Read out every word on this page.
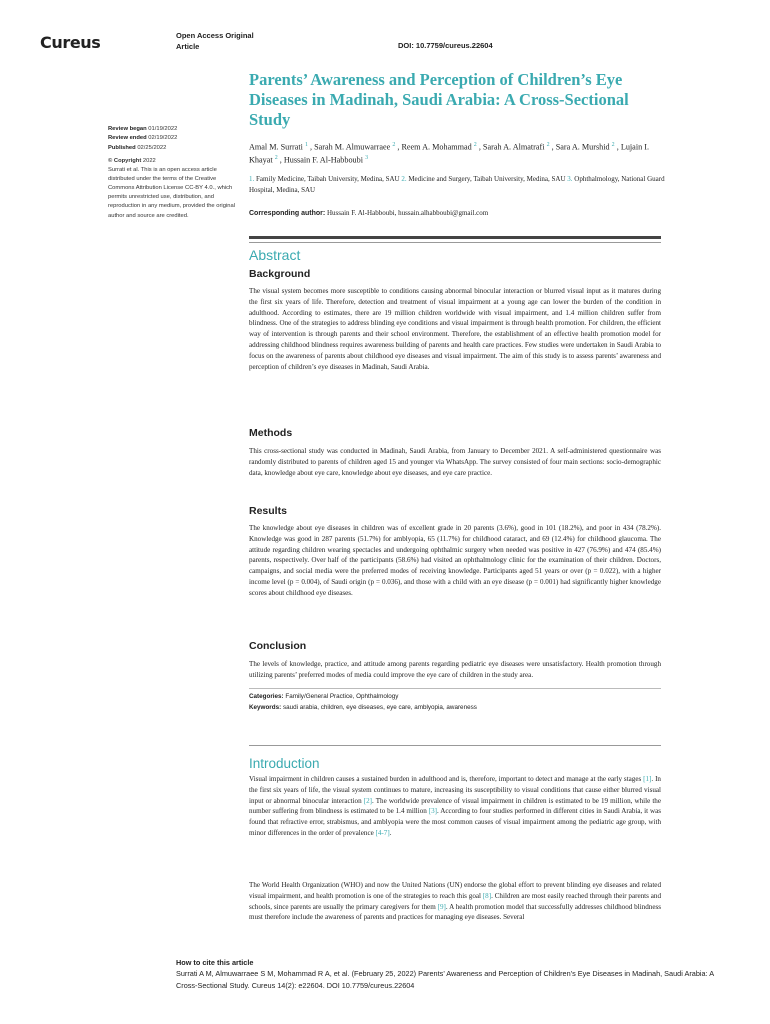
Cureus	Open Access Original
Article	DOI: 10.7759/cureus.22604
Review began 01/19/2022
Review ended 02/19/2022
Published 02/25/2022
© Copyright 2022
Surrati et al. This is an open access article distributed under the terms of the Creative Commons Attribution License CC-BY 4.0., which permits unrestricted use, distribution, and reproduction in any medium, provided the original author and source are credited.
Parents’ Awareness and Perception of Children’s Eye Diseases in Madinah, Saudi Arabia: A Cross-Sectional Study
Amal M. Surrati $^1$ , Sarah M. Almuwarraee $^2$ , Reem A. Mohammad $^2$ , Sarah A. Almatrafi $^2$ , Sara A. Murshid $^2$ , Lujain I. Khayat $^2$ , Hussain F. Al-Habboubi $^3$
1. Family Medicine, Taibah University, Medina, SAU 2. Medicine and Surgery, Taibah University, Medina, SAU 3. Ophthalmology, National Guard Hospital, Medina, SAU
Corresponding author: Hussain F. Al-Habboubi, hussain.alhabboubi@gmail.com
Abstract
Background
The visual system becomes more susceptible to conditions causing abnormal binocular interaction or blurred visual input as it matures during the first six years of life. Therefore, detection and treatment of visual impairment at a young age can lower the burden of the condition in adulthood. According to estimates, there are 19 million children worldwide with visual impairment, and 1.4 million children suffer from blindness. One of the strategies to address blinding eye conditions and visual impairment is through health promotion. For children, the efficient way of intervention is through parents and their school environment. Therefore, the establishment of an effective health promotion model for addressing childhood blindness requires awareness building of parents and health care practices. Few studies were undertaken in Saudi Arabia to focus on the awareness of parents about childhood eye diseases and visual impairment. The aim of this study is to assess parents’ awareness and perception of children’s eye diseases in Madinah, Saudi Arabia.
Methods
This cross-sectional study was conducted in Madinah, Saudi Arabia, from January to December 2021. A self-administered questionnaire was randomly distributed to parents of children aged 15 and younger via WhatsApp. The survey consisted of four main sections: socio-demographic data, knowledge about eye care, knowledge about eye diseases, and eye care practice.
Results
The knowledge about eye diseases in children was of excellent grade in 20 parents (3.6%), good in 101 (18.2%), and poor in 434 (78.2%). Knowledge was good in 287 parents (51.7%) for amblyopia, 65 (11.7%) for childhood cataract, and 69 (12.4%) for childhood glaucoma. The attitude regarding children wearing spectacles and undergoing ophthalmic surgery when needed was positive in 427 (76.9%) and 474 (85.4%) parents, respectively. Over half of the participants (58.6%) had visited an ophthalmology clinic for the examination of their children. Doctors, campaigns, and social media were the preferred modes of receiving knowledge. Participants aged 51 years or over (p = 0.022), with a higher income level (p = 0.004), of Saudi origin (p = 0.036), and those with a child with an eye disease (p = 0.001) had significantly higher knowledge scores about childhood eye diseases.
Conclusion
The levels of knowledge, practice, and attitude among parents regarding pediatric eye diseases were unsatisfactory. Health promotion through utilizing parents’ preferred modes of media could improve the eye care of children in the study area.
Categories: Family/General Practice, Ophthalmology
Keywords: saudi arabia, children, eye diseases, eye care, amblyopia, awareness
Introduction
Visual impairment in children causes a sustained burden in adulthood and is, therefore, important to detect and manage at the early stages [1]. In the first six years of life, the visual system continues to mature, increasing its susceptibility to visual conditions that cause either blurred visual input or abnormal binocular interaction [2]. The worldwide prevalence of visual impairment in children is estimated to be 19 million, while the number suffering from blindness is estimated to be 1.4 million [3]. According to four studies performed in different cities in Saudi Arabia, it was found that refractive error, strabismus, and amblyopia were the most common causes of visual impairment among the pediatric age group, with minor differences in the order of prevalence [4-7].
The World Health Organization (WHO) and now the United Nations (UN) endorse the global effort to prevent blinding eye diseases and related visual impairment, and health promotion is one of the strategies to reach this goal [8]. Children are most easily reached through their parents and schools, since parents are usually the primary caregivers for them [9]. A health promotion model that successfully addresses childhood blindness must therefore include the awareness of parents and practices for managing eye diseases. Several
How to cite this article
Surrati A M, Almuwarraee S M, Mohammad R A, et al. (February 25, 2022) Parents’ Awareness and Perception of Children’s Eye Diseases in Madinah, Saudi Arabia: A Cross-Sectional Study. Cureus 14(2): e22604. DOI 10.7759/cureus.22604
